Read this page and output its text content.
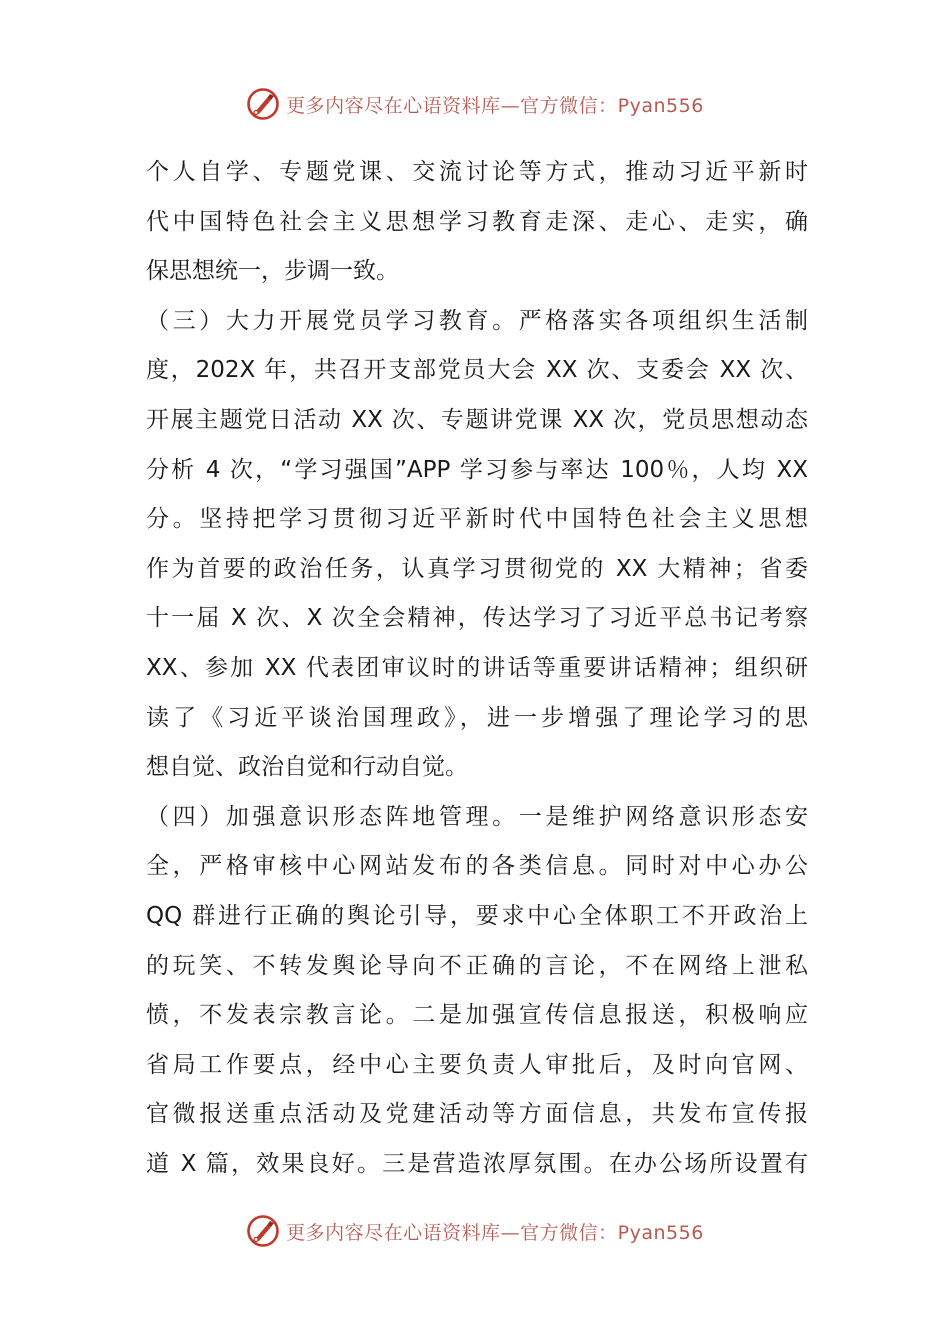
更多内容尽在心语资料库—官方微信：Pyan556
个人自学、专题党课、交流讨论等方式，推动习近平新时
代中国特色社会主义思想学习教育走深、走心、走实，确
保思想统一，步调一致。
（三）大力开展党员学习教育。严格落实各项组织生活制
度，202X 年，共召开支部党员大会 XX 次、支委会 XX 次、
开展主题党日活动 XX 次、专题讲党课 XX 次，党员思想动态
分析 4 次，“学习强国”APP 学习参与率达 100％，人均 XX
分。坚持把学习贯彻习近平新时代中国特色社会主义思想
作为首要的政治任务，认真学习贯彻党的 XX 大精神；省委
十一届 X 次、X 次全会精神，传达学习了习近平总书记考察
XX、参加 XX 代表团审议时的讲话等重要讲话精神；组织研
读了《习近平谈治国理政》，进一步增强了理论学习的思
想自觉、政治自觉和行动自觉。
（四）加强意识形态阵地管理。一是维护网络意识形态安
全，严格审核中心网站发布的各类信息。同时对中心办公
QQ 群进行正确的舆论引导，要求中心全体职工不开政治上
的玩笑、不转发舆论导向不正确的言论，不在网络上泄私
愤，不发表宗教言论。二是加强宣传信息报送，积极响应
省局工作要点，经中心主要负责人审批后，及时向官网、
官微报送重点活动及党建活动等方面信息，共发布宣传报
道 X 篇，效果良好。三是营造浓厚氛围。在办公场所设置有
更多内容尽在心语资料库—官方微信：Pyan556
